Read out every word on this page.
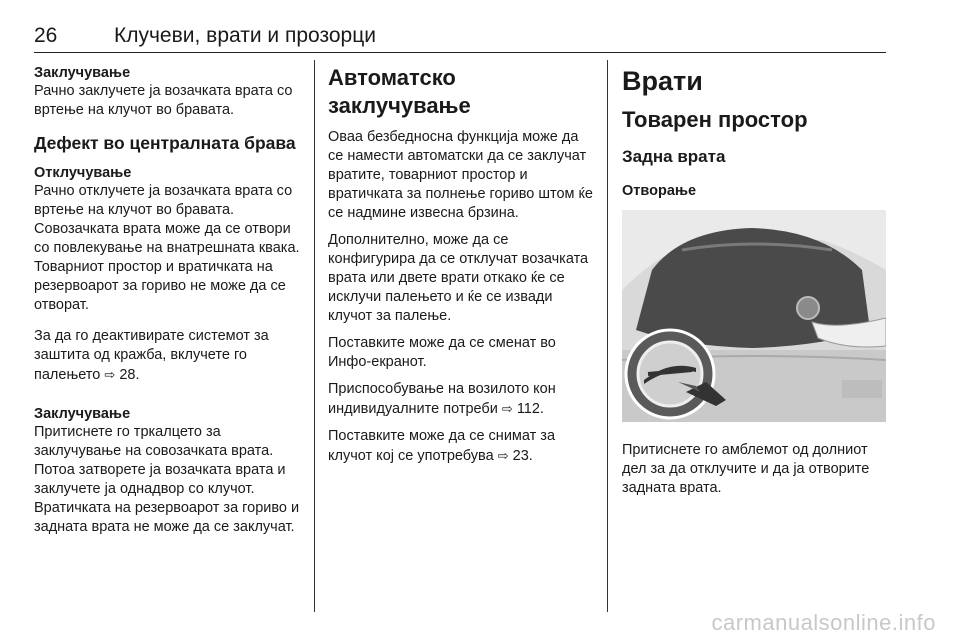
26	Клучеви, врати и прозорци
Заклучување

Рачно заклучете ја возачката врата со вртење на клучот во бравата.

Дефект во централната брава
Отклучување

Рачно отклучете ја возачката врата со вртење на клучот во бравата. Совозачката врата може да се отвори со повлекување на внатрешната квака. Товарниот простор и вратичката на резервоарот за гориво не може да се отворат.

За да го деактивирате системот за заштита од кражба, вклучете го палењето ⇨ 28.

Заклучување

Притиснете го тркалцето за заклучување на совозачката врата. Потоа затворете ја возачката врата и заклучете ја однадвор со клучот. Вратичката на резервоарот за гориво и задната врата не може да се заклучат.

Автоматско заклучување

Оваа безбедносна функција може да се намести автоматски да се заклучат вратите, товарниот простор и вратичката за полнење гориво штом ќе се надмине извесна брзина.

Дополнително, може да се конфигурира да се отклучат возачката врата или двете врати откако ќе се исклучи палењето и ќе се извади клучот за палење.

Поставките може да се сменат во Инфо-екранот.

Приспособување на возилото кон индивидуалните потреби ⇨ 112.

Поставките може да се снимат за клучот кој се употребува ⇨ 23.

Врати
Товарен простор
Задна врата
Отворање

Притиснете го амблемот од долниот дел за да отклучите и да ја отворите задната врата.

carmanualsonline.info
